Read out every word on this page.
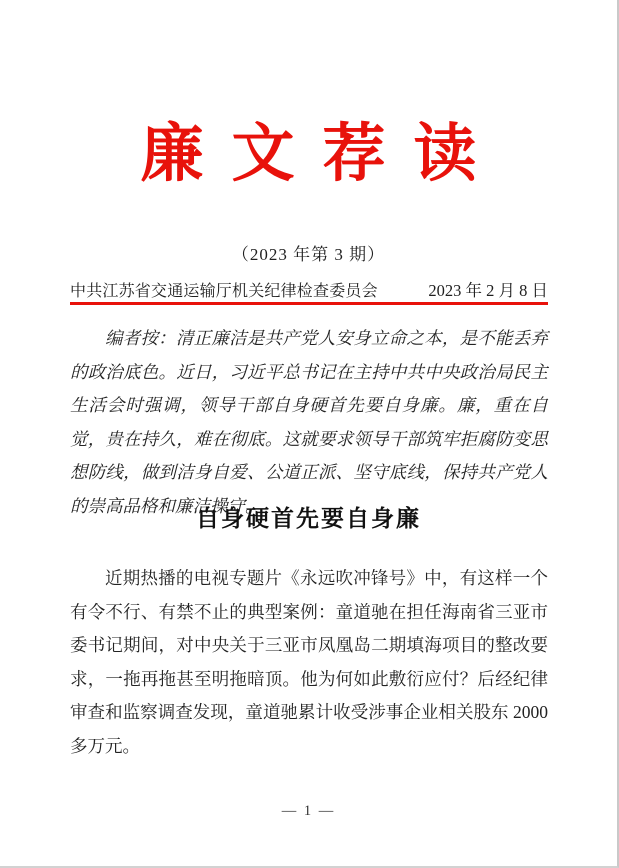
廉文荐读
（2023 年第 3 期）
中共江苏省交通运输厅机关纪律检查委员会	2023 年 2 月 8 日

编者按：清正廉洁是共产党人安身立命之本，是不能丢弃的政治底色。近日，习近平总书记在主持中共中央政治局民主生活会时强调，领导干部自身硬首先要自身廉。廉，重在自觉，贵在持久，难在彻底。这就要求领导干部筑牢拒腐防变思想防线，做到洁身自爱、公道正派、坚守底线，保持共产党人的崇高品格和廉洁操守。

自身硬首先要自身廉

近期热播的电视专题片《永远吹冲锋号》中，有这样一个有令不行、有禁不止的典型案例：童道驰在担任海南省三亚市委书记期间，对中央关于三亚市凤凰岛二期填海项目的整改要求，一拖再拖甚至明拖暗顶。他为何如此敷衍应付？后经纪律审查和监察调查发现，童道驰累计收受涉事企业相关股东 2000 多万元。

— 1 —
